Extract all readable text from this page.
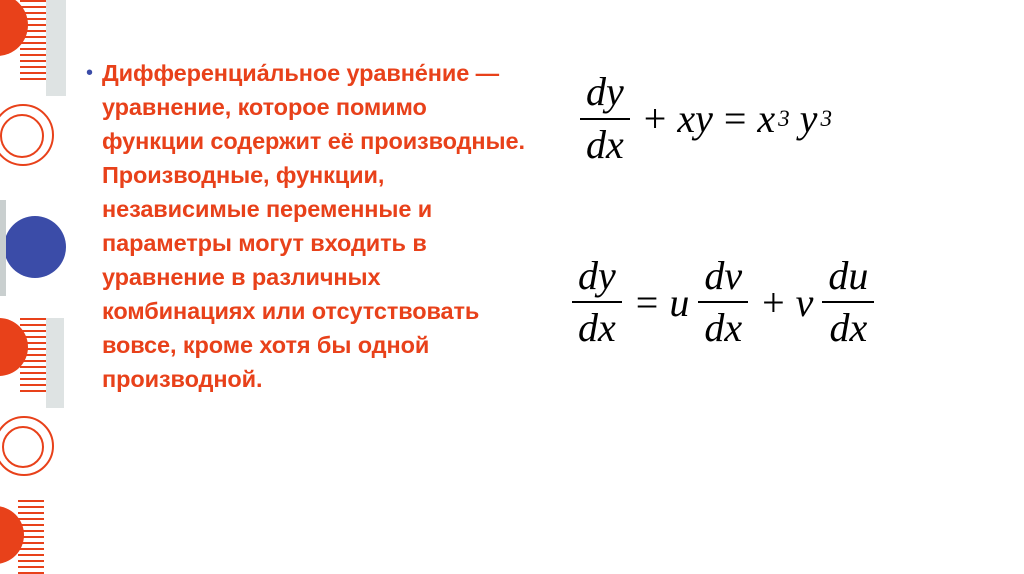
• Дифференциа́льное уравне́ние — уравнение, которое помимо функции содержит её производные. Производные, функции, независимые переменные и параметры могут входить в уравнение в различных комбинациях или отсутствовать вовсе, кроме хотя бы одной производной.
$\frac{dy}{dx}$ + xy = x 3 y 3
$\frac{dy}{dx} = u \frac{dv}{dx} + v \frac{du}{dx}$
